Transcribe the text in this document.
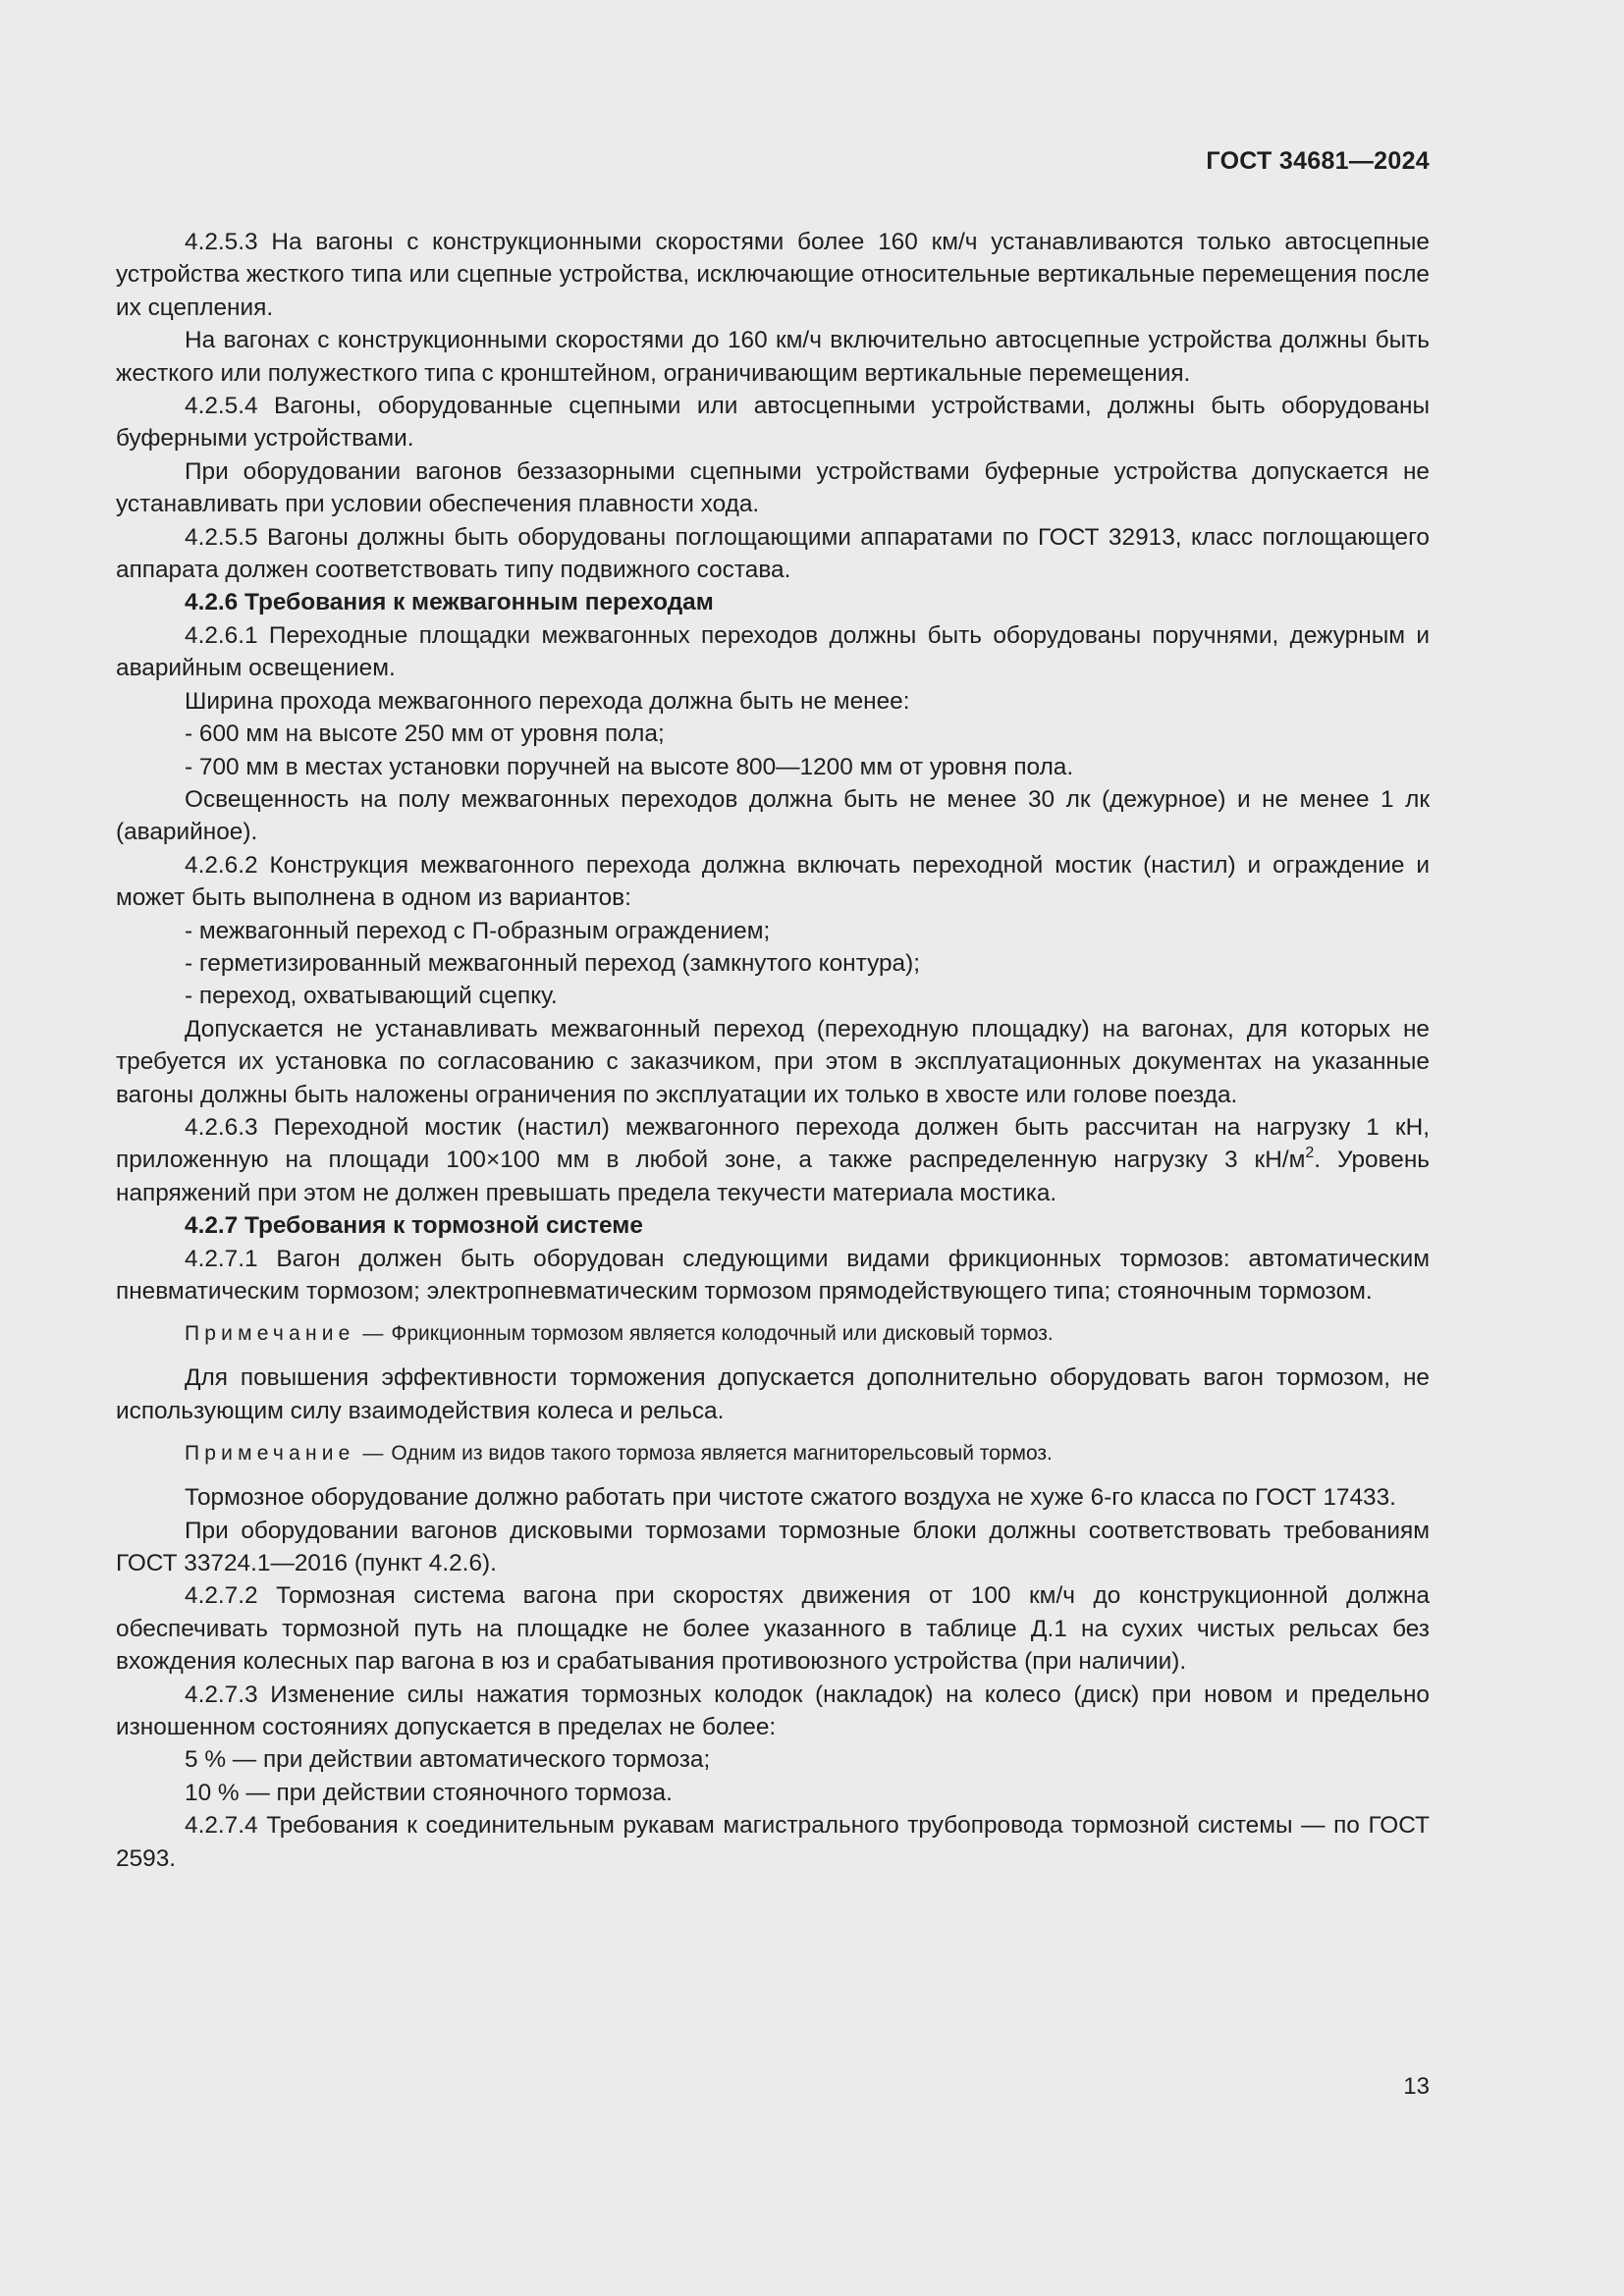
ГОСТ 34681—2024

4.2.5.3 На вагоны с конструкционными скоростями более 160 км/ч устанавливаются только автосцепные устройства жесткого типа или сцепные устройства, исключающие относительные вертикальные перемещения после их сцепления.

На вагонах с конструкционными скоростями до 160 км/ч включительно автосцепные устройства должны быть жесткого или полужесткого типа с кронштейном, ограничивающим вертикальные перемещения.

4.2.5.4 Вагоны, оборудованные сцепными или автосцепными устройствами, должны быть оборудованы буферными устройствами.

При оборудовании вагонов беззазорными сцепными устройствами буферные устройства допускается не устанавливать при условии обеспечения плавности хода.

4.2.5.5 Вагоны должны быть оборудованы поглощающими аппаратами по ГОСТ 32913, класс поглощающего аппарата должен соответствовать типу подвижного состава.

4.2.6 Требования к межвагонным переходам

4.2.6.1 Переходные площадки межвагонных переходов должны быть оборудованы поручнями, дежурным и аварийным освещением.

Ширина прохода межвагонного перехода должна быть не менее:

- 600 мм на высоте 250 мм от уровня пола;

- 700 мм в местах установки поручней на высоте 800—1200 мм от уровня пола.

Освещенность на полу межвагонных переходов должна быть не менее 30 лк (дежурное) и не менее 1 лк (аварийное).

4.2.6.2 Конструкция межвагонного перехода должна включать переходной мостик (настил) и ограждение и может быть выполнена в одном из вариантов:

- межвагонный переход с П-образным ограждением;

- герметизированный межвагонный переход (замкнутого контура);

- переход, охватывающий сцепку.

Допускается не устанавливать межвагонный переход (переходную площадку) на вагонах, для которых не требуется их установка по согласованию с заказчиком, при этом в эксплуатационных документах на указанные вагоны должны быть наложены ограничения по эксплуатации их только в хвосте или голове поезда.

4.2.6.3 Переходной мостик (настил) межвагонного перехода должен быть рассчитан на нагрузку 1 кН, приложенную на площади 100×100 мм в любой зоне, а также распределенную нагрузку 3 $кН/м^2$. Уровень напряжений при этом не должен превышать предела текучести материала мостика.

4.2.7 Требования к тормозной системе

4.2.7.1 Вагон должен быть оборудован следующими видами фрикционных тормозов: автоматическим пневматическим тормозом; электропневматическим тормозом прямодействующего типа; стояночным тормозом.

Примечание — Фрикционным тормозом является колодочный или дисковый тормоз.

Для повышения эффективности торможения допускается дополнительно оборудовать вагон тормозом, не использующим силу взаимодействия колеса и рельса.

Примечание — Одним из видов такого тормоза является магниторельсовый тормоз.

Тормозное оборудование должно работать при чистоте сжатого воздуха не хуже 6-го класса по ГОСТ 17433.

При оборудовании вагонов дисковыми тормозами тормозные блоки должны соответствовать требованиям ГОСТ 33724.1—2016 (пункт 4.2.6).

4.2.7.2 Тормозная система вагона при скоростях движения от 100 км/ч до конструкционной должна обеспечивать тормозной путь на площадке не более указанного в таблице Д.1 на сухих чистых рельсах без вхождения колесных пар вагона в юз и срабатывания противоюзного устройства (при наличии).

4.2.7.3 Изменение силы нажатия тормозных колодок (накладок) на колесо (диск) при новом и предельно изношенном состояниях допускается в пределах не более:

5 % — при действии автоматического тормоза;

10 % — при действии стояночного тормоза.

4.2.7.4 Требования к соединительным рукавам магистрального трубопровода тормозной системы — по ГОСТ 2593.

13
